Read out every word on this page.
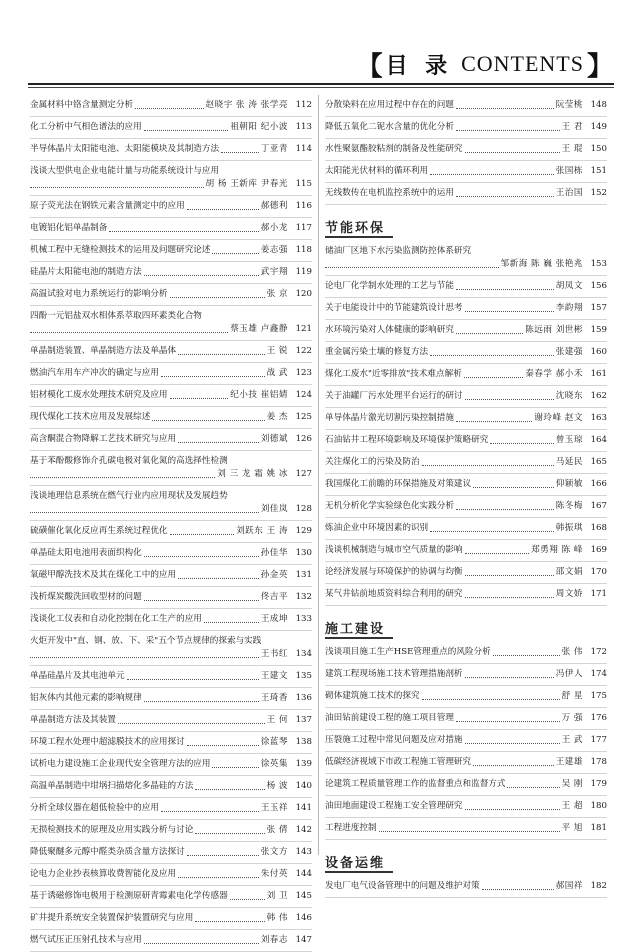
【 目 录 CONTENTS 】
金属材料中铬含量测定分析	赵晓宇 张 涛 张学亮 112
化工分析中气相色谱法的应用	祖朝阳 纪小波 113
半导体晶片太阳能电池、太阳能模块及其制造方法	丁亚青 114
浅谈大型供电企业电能计量与功能系统设计与应用
胡 杨 王新库 尹春光 115
原子荧光法在钢铁元素含量测定中的应用	郝德利 116
电镀铝化铝单晶制备	郝小龙 117
机械工程中无缝检测技术的运用及问题研究论述	姜志强 118
硅晶片太阳能电池的制造方法	武宇翔 119
高温试验对电力系统运行的影响分析	张 京 120
四酚一元铝盐双水相体系萃取四环素类化合物
蔡玉雄 卢鑫静 121
单晶制造装置、单晶制造方法及单晶体	王 锐 122
燃油汽车用车产冲次的确定与应用	战 武 123
铝材模化工废水处理技术研究及应用	纪小技 崔铝婧 124
现代煤化工技术应用及发展综述	姜 杰 125
高含酮混合物降解工艺技术研究与应用	刘德斌 126
基于苯酚酸修饰介孔碳电极对氧化氮的高选择性检测
刘 三 龙 霜 姚 冰 127
浅谈地理信息系统在燃气行业内应用现状及发展趋势
刘佳岚 128
硫磺催化氧化反应再生系统过程优化	刘跃东 王 涛 129
单晶硅太阳电池用表面织构化	孙佳华 130
氧磁甲醇洗技术及其在煤化工中的应用	孙金英 131
浅析煤炭酸洗回收型材的问题	佟吉平 132
浅谈化工仪表和自动化控制在化工生产的应用	王成坤 133
火炬开发中"直、钢、放、下、采"五个节点规律的探索与实践
王书红 134
单晶硅晶片及其电池单元	王建文 135
铝灰体内其他元素的影响规律	王琦香 136
单晶制造方法及其装置	王 何 137
环境工程水处理中超滤膜技术的应用探讨	徐蓝琴 138
试析电力建设施工企业现代安全管理方法的应用	徐英集 139
高温单晶制造中坩埚扫描熔化多晶硅的方法	杨 波 140
分析全球仪器在超低检验中的应用	王玉祥 141
无损检测技术的原理及应用实践分析与讨论	张 倩 142
降低聚醚多元醇中醛类杂质含量方法探讨	张文方 143
论电力企业抄表核算收费智能化及应用	朱付英 144
基于诱磁修饰电极用于检测原研青霉素电化学传感器	刘 卫 145
矿井提升系统安全装置保护装置研究与应用	韩 伟 146
燃气试压正压射孔技术与应用	刘春志 147
分散染料在应用过程中存在的问题	阮莹桃 148
降低五氧化二铌水含量的优化分析	王 君 149
水性聚氨酯胶粘剂的制备及性能研究	王 琨 150
太阳能光伏材料的循环利用	张国栋 151
无线数传在电机监控系统中的运用	王治国 152
节能环保
储油厂区地下水污染监测防控体系研究
邹新海 陈 巍 张艳兆 153
论电厂化学制水处理的工艺与节能	胡凤文 156
关于电能设计中的节能建筑设计思考	李韵翔 157
水环境污染对人体健康的影响研究	陈远雨 刘世彬 159
重金属污染土壤的修复方法	张建强 160
煤化工废水"近零排放"技术难点解析	秦春学 郝小禾 161
关于油罐厂污水处理平台运行的研讨	沈晓东 162
单导体晶片激光切割污染控制措施	谢玲峰 赵文 163
石油钻井工程环境影响及环境保护策略研究	曾玉琼 164
关注煤化工的污染及防治	马延民 165
我国煤化工前瞻的环保措施及对策建议	仰颖敏 166
无机分析化学实验绿色化实践分析	陈冬梅 167
炼油企业中环境因素的识别	韩振琪 168
浅谈机械制造与城市空气质量的影响	郑勇翔 陈 峰 169
论经济发展与环境保护的协调与均衡	邵文娟 170
某气井钻前地质资料综合利用的研究	周文娇 171
施工建设
浅谈项目施工生产HSE管理重点的风险分析	张 伟 172
建筑工程现场施工技术管理措施剖析	冯伊人 174
砌体建筑施工技术的探究	舒 星 175
油田钻前建设工程的施工项目管理	万 强 176
压裂施工过程中常见问题及应对措施	王 武 177
低碳经济视域下市政工程施工管理研究	王建雄 178
论建筑工程质量管理工作的监督重点和监督方式	吴 刚 179
油田地面建设工程施工安全管理研究	王 超 180
工程进度控制	平 旭 181
设备运维
发电厂电气设备管理中的问题及维护对策	郝国祥 182
